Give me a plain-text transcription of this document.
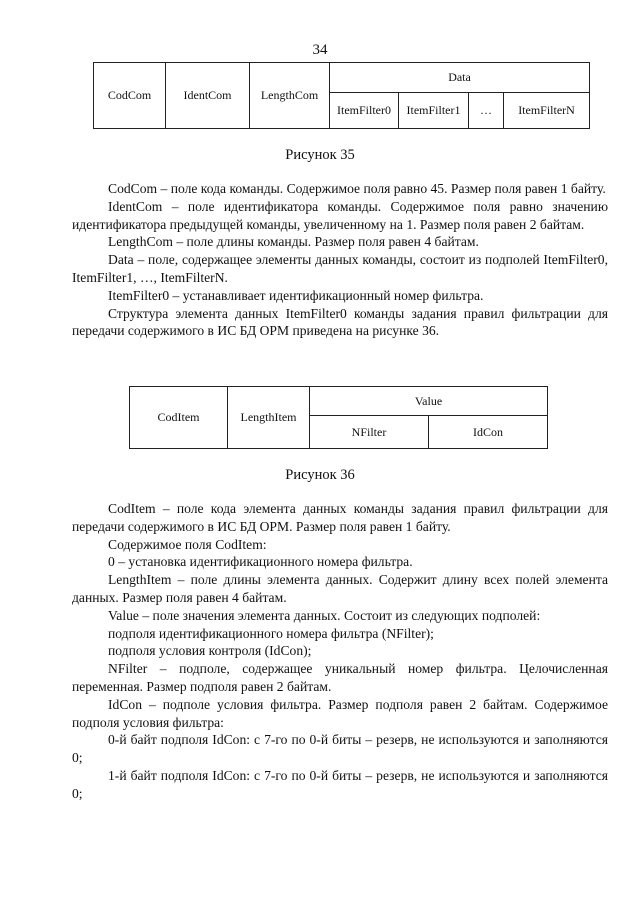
34
CodCom	IdentCom	LengthCom	Data			
			ItemFilter0	ItemFilter1	…	ItemFilterN
Рисунок 35

CodCom – поле кода команды. Содержимое поля равно 45. Размер поля равен 1 байту.

IdentCom – поле идентификатора команды. Содержимое поля равно значению идентификатора предыдущей команды, увеличенному на 1. Размер поля равен 2 байтам.

LengthCom – поле длины команды. Размер поля равен 4 байтам.

Data – поле, содержащее элементы данных команды, состоит из подполей ItemFilter0, ItemFilter1, …, ItemFilterN.

ItemFilter0 – устанавливает идентификационный номер фильтра.

Структура элемента данных ItemFilter0 команды задания правил фильтрации для передачи содержимого в ИС БД ОРМ приведена на рисунке 36.

CodItem	LengthItem	Value	
		NFilter	IdCon
Рисунок 36

CodItem – поле кода элемента данных команды задания правил фильтрации для передачи содержимого в ИС БД ОРМ. Размер поля равен 1 байту.

Содержимое поля CodItem:

0 – установка идентификационного номера фильтра.

LengthItem – поле длины элемента данных. Содержит длину всех полей элемента данных. Размер поля равен 4 байтам.

Value – поле значения элемента данных. Состоит из следующих подполей:

подполя идентификационного номера фильтра (NFilter);

подполя условия контроля (IdCon);

NFilter – подполе, содержащее уникальный номер фильтра. Целочисленная переменная. Размер подполя равен 2 байтам.

IdCon – подполе условия фильтра. Размер подполя равен 2 байтам. Содержимое подполя условия фильтра:

0-й байт подполя IdCon: с 7-го по 0-й биты – резерв, не используются и заполняются 0;

1-й байт подполя IdCon: с 7-го по 0-й биты – резерв, не используются и заполняются 0;
